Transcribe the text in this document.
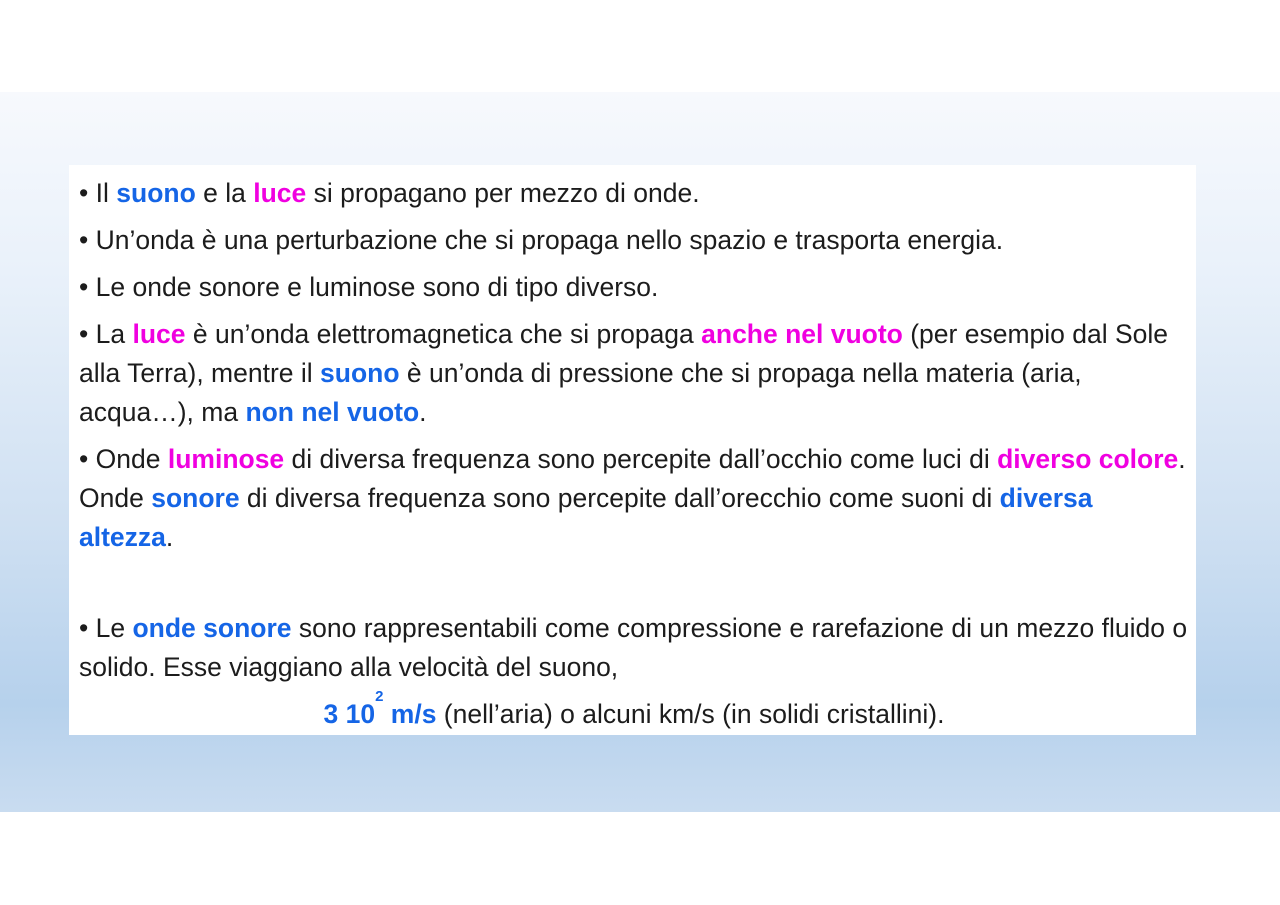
• Il suono e la luce si propagano per mezzo di onde.

• Un’onda è una perturbazione che si propaga nello spazio e trasporta energia.

• Le onde sonore e luminose sono di tipo diverso.

• La luce è un’onda elettromagnetica che si propaga anche nel vuoto (per esempio dal Sole alla Terra), mentre il suono è un’onda di pressione che si propaga nella materia (aria, acqua…), ma non nel vuoto.

• Onde luminose di diversa frequenza sono percepite dall’occhio come luci di diverso colore. Onde sonore di diversa frequenza sono percepite dall’orecchio come suoni di diversa altezza.

• Le onde sonore sono rappresentabili come compressione e rarefazione di un mezzo fluido o solido. Esse viaggiano alla velocità del suono,

3 $10^2$ m/s (nell’aria) o alcuni km/s (in solidi cristallini).
